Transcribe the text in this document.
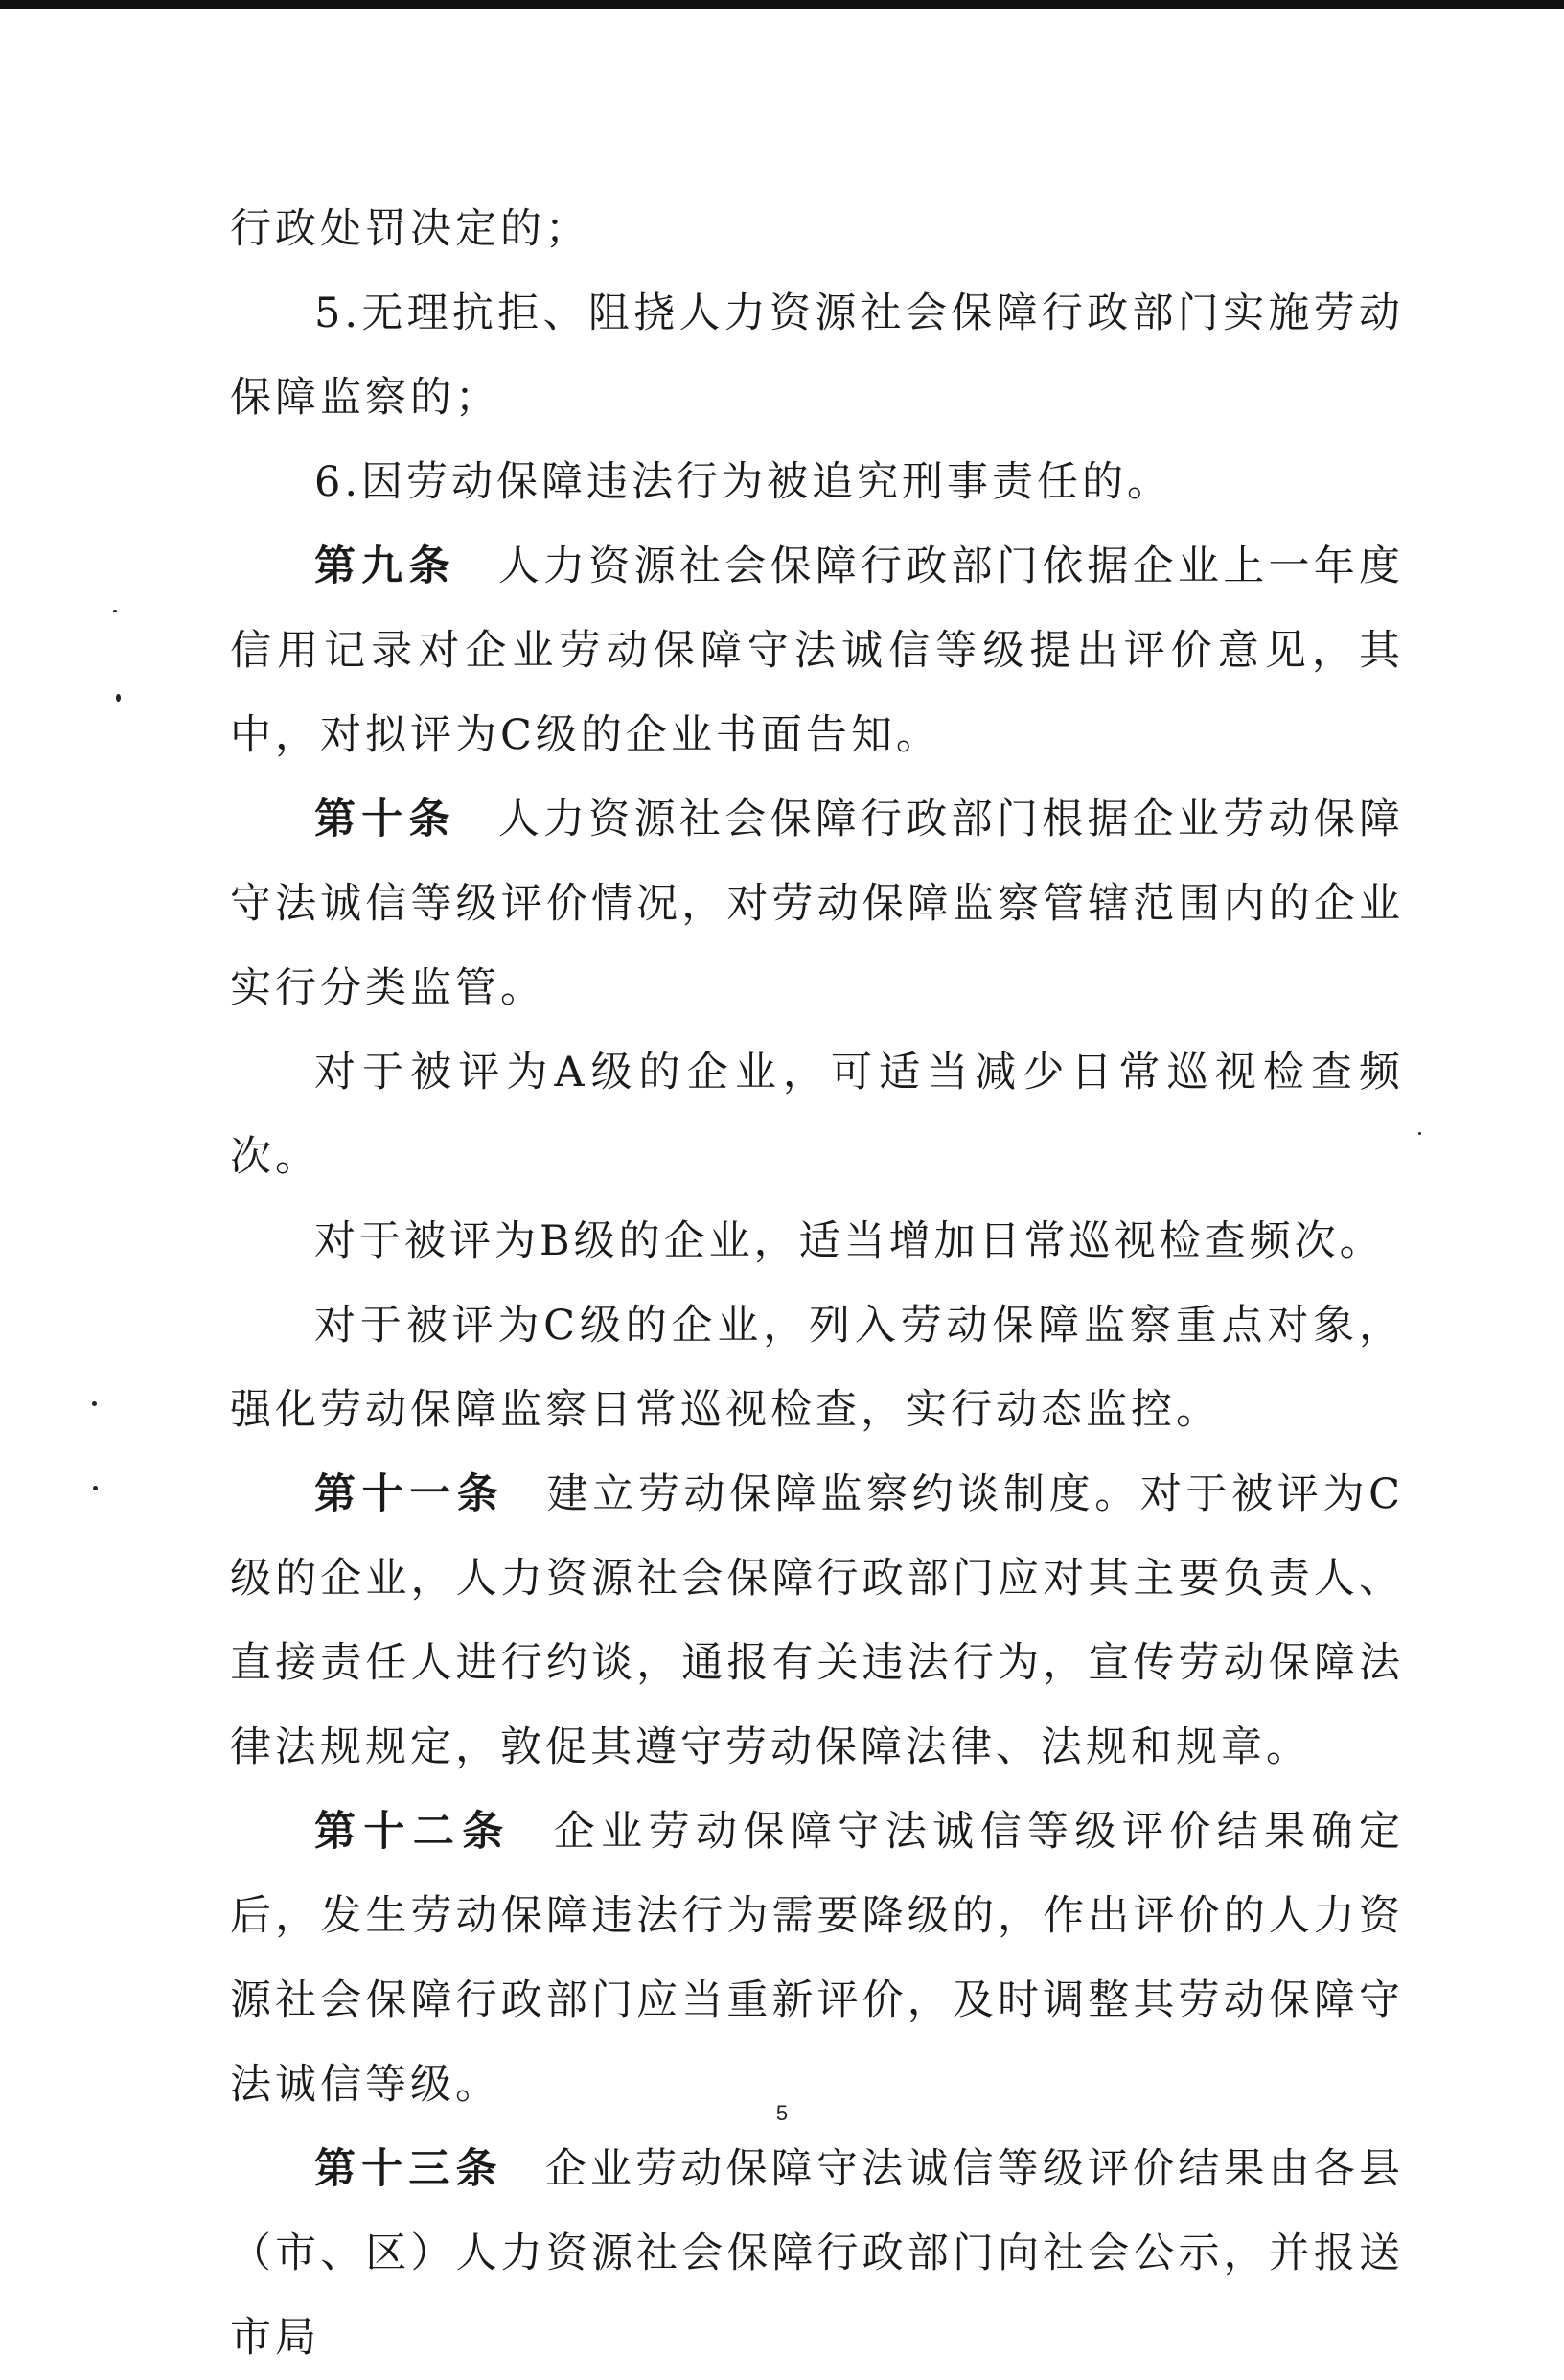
行政处罚决定的；

5.无理抗拒、阻挠人力资源社会保障行政部门实施劳动保障监察的；

6.因劳动保障违法行为被追究刑事责任的。

第九条 人力资源社会保障行政部门依据企业上一年度信用记录对企业劳动保障守法诚信等级提出评价意见，其中，对拟评为C级的企业书面告知。

第十条 人力资源社会保障行政部门根据企业劳动保障守法诚信等级评价情况，对劳动保障监察管辖范围内的企业实行分类监管。

对于被评为A级的企业，可适当减少日常巡视检查频次。

对于被评为B级的企业，适当增加日常巡视检查频次。

对于被评为C级的企业，列入劳动保障监察重点对象，强化劳动保障监察日常巡视检查，实行动态监控。

第十一条 建立劳动保障监察约谈制度。对于被评为C级的企业，人力资源社会保障行政部门应对其主要负责人、直接责任人进行约谈，通报有关违法行为，宣传劳动保障法律法规规定，敦促其遵守劳动保障法律、法规和规章。

第十二条 企业劳动保障守法诚信等级评价结果确定后，发生劳动保障违法行为需要降级的，作出评价的人力资源社会保障行政部门应当重新评价，及时调整其劳动保障守法诚信等级。

第十三条 企业劳动保障守法诚信等级评价结果由各县（市、区）人力资源社会保障行政部门向社会公示，并报送市局

5
